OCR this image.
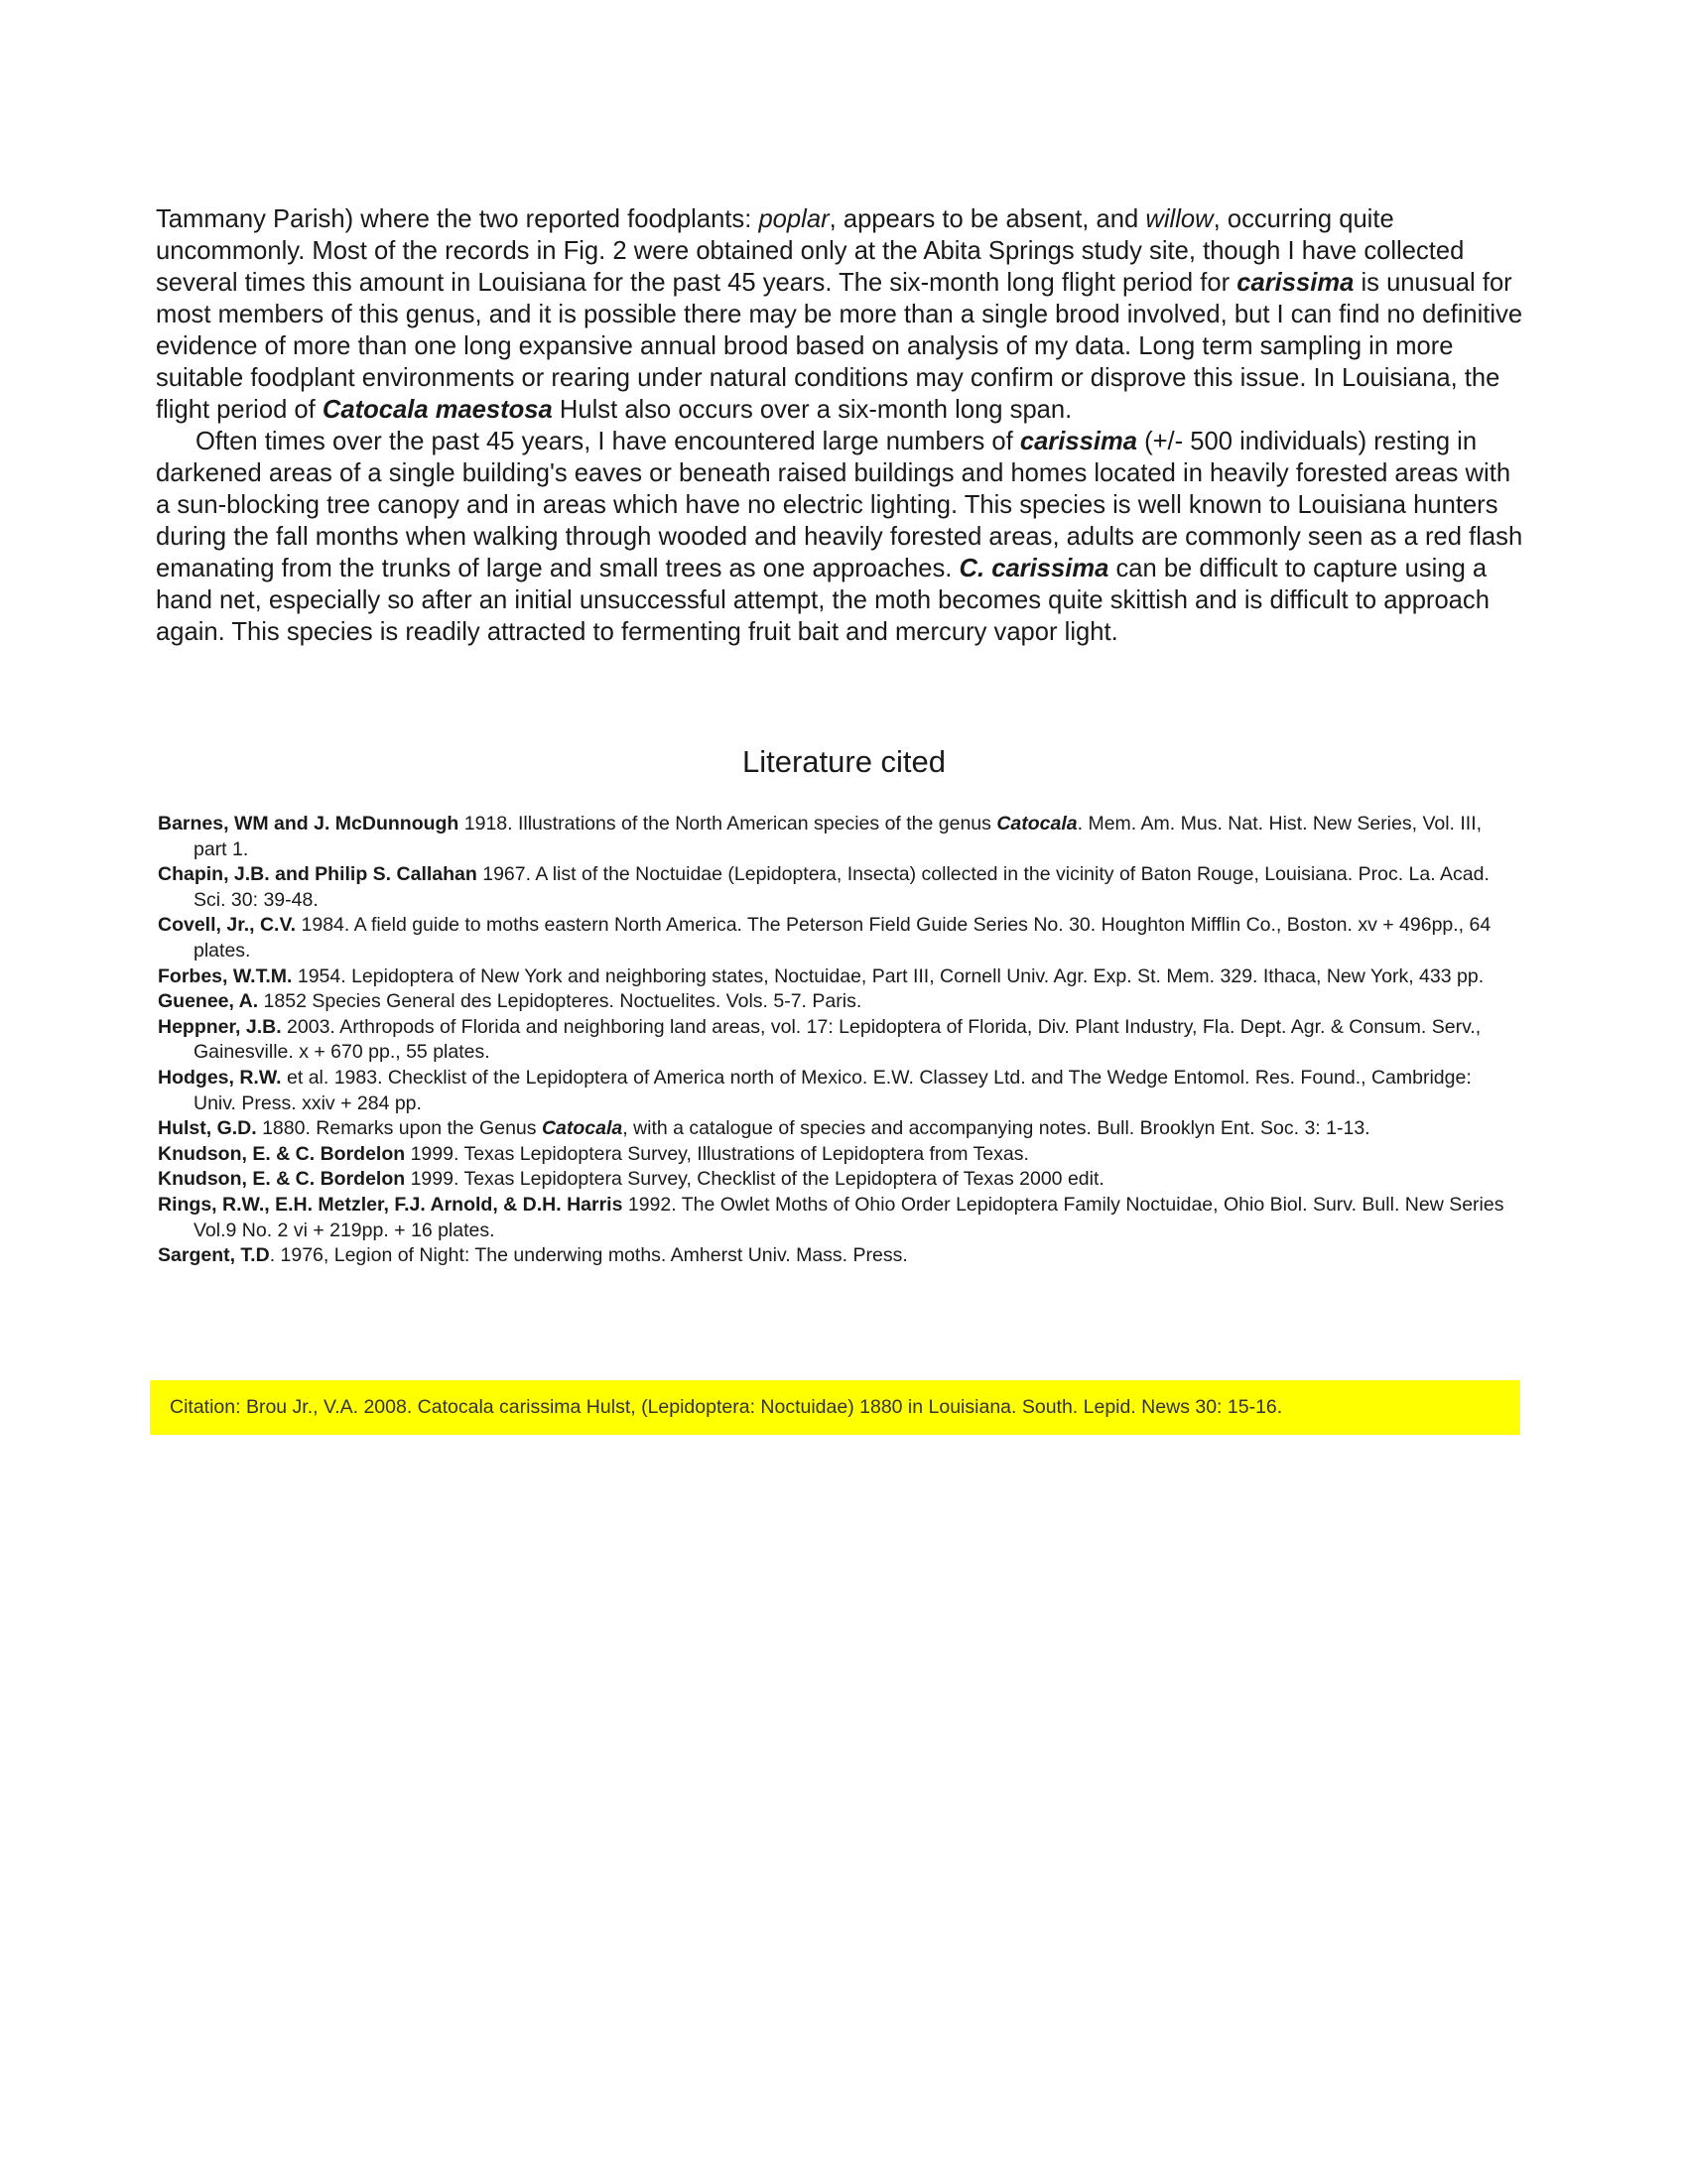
Tammany Parish) where the two reported foodplants: poplar, appears to be absent, and willow, occurring quite uncommonly. Most of the records in Fig. 2 were obtained only at the Abita Springs study site, though I have collected several times this amount in Louisiana for the past 45 years. The six-month long flight period for carissima is unusual for most members of this genus, and it is possible there may be more than a single brood involved, but I can find no definitive evidence of more than one long expansive annual brood based on analysis of my data. Long term sampling in more suitable foodplant environments or rearing under natural conditions may confirm or disprove this issue. In Louisiana, the flight period of Catocala maestosa Hulst also occurs over a six-month long span.

Often times over the past 45 years, I have encountered large numbers of carissima (+/- 500 individuals) resting in darkened areas of a single building's eaves or beneath raised buildings and homes located in heavily forested areas with a sun-blocking tree canopy and in areas which have no electric lighting. This species is well known to Louisiana hunters during the fall months when walking through wooded and heavily forested areas, adults are commonly seen as a red flash emanating from the trunks of large and small trees as one approaches. C. carissima can be difficult to capture using a hand net, especially so after an initial unsuccessful attempt, the moth becomes quite skittish and is difficult to approach again. This species is readily attracted to fermenting fruit bait and mercury vapor light.

Literature cited

Barnes, WM and J. McDunnough 1918. Illustrations of the North American species of the genus Catocala. Mem. Am. Mus. Nat. Hist. New Series, Vol. III, part 1.

Chapin, J.B. and Philip S. Callahan 1967. A list of the Noctuidae (Lepidoptera, Insecta) collected in the vicinity of Baton Rouge, Louisiana. Proc. La. Acad. Sci. 30: 39-48.

Covell, Jr., C.V. 1984. A field guide to moths eastern North America. The Peterson Field Guide Series No. 30. Houghton Mifflin Co., Boston. xv + 496pp., 64 plates.

Forbes, W.T.M. 1954. Lepidoptera of New York and neighboring states, Noctuidae, Part III, Cornell Univ. Agr. Exp. St. Mem. 329. Ithaca, New York, 433 pp.

Guenee, A. 1852 Species General des Lepidopteres. Noctuelites. Vols. 5-7. Paris.

Heppner, J.B. 2003. Arthropods of Florida and neighboring land areas, vol. 17: Lepidoptera of Florida, Div. Plant Industry, Fla. Dept. Agr. & Consum. Serv., Gainesville. x + 670 pp., 55 plates.

Hodges, R.W. et al. 1983. Checklist of the Lepidoptera of America north of Mexico. E.W. Classey Ltd. and The Wedge Entomol. Res. Found., Cambridge: Univ. Press. xxiv + 284 pp.

Hulst, G.D. 1880. Remarks upon the Genus Catocala, with a catalogue of species and accompanying notes. Bull. Brooklyn Ent. Soc. 3: 1-13.

Knudson, E. & C. Bordelon 1999. Texas Lepidoptera Survey, Illustrations of Lepidoptera from Texas.

Knudson, E. & C. Bordelon 1999. Texas Lepidoptera Survey, Checklist of the Lepidoptera of Texas 2000 edit.

Rings, R.W., E.H. Metzler, F.J. Arnold, & D.H. Harris 1992. The Owlet Moths of Ohio Order Lepidoptera Family Noctuidae, Ohio Biol. Surv. Bull. New Series Vol.9 No. 2 vi + 219pp. + 16 plates.

Sargent, T.D. 1976, Legion of Night: The underwing moths. Amherst Univ. Mass. Press.

Citation: Brou Jr., V.A. 2008. Catocala carissima Hulst, (Lepidoptera: Noctuidae) 1880 in Louisiana. South. Lepid. News 30: 15-16.
